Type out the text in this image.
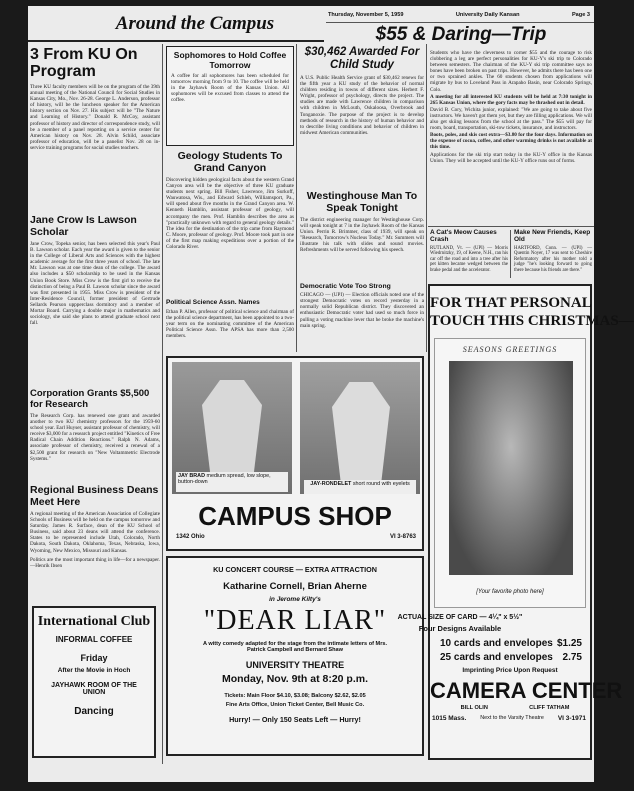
Around the Campus	Thursday, November 5, 1959	University Daily Kansan	Page 3
3 From KU On Program
Three KU faculty members will be on the program of the 39th annual meeting of the National Council for Social Studies in Kansas City, Mo., Nov. 26-28. George L. Anderson, professor of history, will be the luncheon speaker for the American history section on Nov. 27. His subject will be "The Nature and Learning of History." Donald R. McCoy, assistant professor of history and director of correspondence study, will be a member of a panel reporting on a service center for American history on Nov. 28. Alvin Schild, associate professor of education, will be a panelist Nov. 28 on in-service training programs for social studies teachers.
Jane Crow Is Lawson Scholar
Jane Crow, Topeka senior, has been selected this year's Paul B. Lawson scholar. Each year the award is given to the senior in the College of Liberal Arts and Sciences with the highest academic average for the first three years of school. The late Mr. Lawson was at one time dean of the college. The award also includes a $50 scholarship to be used in the Kansas Union Book Store. Miss Crow is the first girl to receive the distinction of being a Paul B. Lawson scholar since the award was first presented in 1955. Miss Crow is president of the Inter-Residence Council, former president of Gertrude Sellards Pearson uppperclass dormitory and a member of Mortar Board. Carrying a double major in mathematics and sociology, she said she plans to attend graduate school next fall.
Corporation Grants $5,500 for Research
The Research Corp. has renewed one grant and awarded another to two KU chemistry professors for the 1959-60 school year. Earl Huyser, assistant professor of chemistry, will receive $3,000 for a research project entitled "Kinetics of Free Radical Chain Addition Reactions." Ralph N. Adams, associate professor of chemistry, received a renewal of a $2,500 grant for research on "New Voltammetric Electrode Systems."
Regional Business Deans Meet Here
A regional meeting of the American Association of Collegiate Schools of Business will be held on the campus tomorrow and Saturday. James R. Surface, dean of the KU School of Business, said about 23 deans will attend the conference. States to be represented include Utah, Colorado, North Dakota, South Dakota, Oklahoma, Texas, Nebraska, Iowa, Wyoming, New Mexico, Missouri and Kansas.
Politics are the most important thing in life—for a newspaper.—Henrik Ibsen
International Club
INFORMAL COFFEE
Friday
After the Movie in Hoch
JAYHAWK ROOM OF THE UNION
Dancing
Sophomores to Hold Coffee Tomorrow
A coffee for all sophomores has been scheduled for tomorrow morning from 9 to 10. The coffee will be held in the Jayhawk Room of the Kansas Union. All sophomores will be excused from classes to attend the coffee.
Geology Students To Grand Canyon
Discovering hidden geological facts about the western Grand Canyon area will be the objective of three KU graduate students next spring. Bill Fisher, Lawrence, Jim Surkoff, Wauwatosa, Wis., and Edward Schleh, Williamsport, Pa., will spend about five months in the Grand Canyon area. W. Kenneth Hamblin, assistant professor of geology, will accompany the men. Prof. Hamblin describes the area as "practically unknown with regard to general geology details." The idea for the destination of the trip came from Raymond C. Moore, professor of geology. Prof. Moore took part in one of the first map making expeditions over a portion of the Colorado River.
Political Science Assn. Names
Ethan P. Allen, professor of political science and chairman of the political science department, has been appointed to a two-year term on the nominating committee of the American Political Science Assn. The APSA has more than 2,500 members.
$30,462 Awarded For Child Study
A U.S. Public Health Service grant of $30,462 renews for the fifth year a KU study of the behavior of normal children residing in towns of different sizes. Herbert F. Wright, professor of psychology, directs the project. The studies are made with Lawrence children in comparison with children in McLouth, Oskaloosa, Overbrook and Tonganoxie. The purpose of the project is to develop methods of research in the history of human behavior and to describe living conditions and behavior of children in midwest American communities.
Westinghouse Man To Speak Tonight
The district engineering manager for Westinghouse Corp. will speak tonight at 7 in the Jayhawk Room of the Kansas Union. Perrin R. Brimmer, class of 1939, will speak on "Research, Tomorrow's Nucleus Today." Mr. Summers will illustrate his talk with slides and sound movies. Refreshments will be served following his speech.
Democratic Vote Too Strong
CHICAGO — (UPI) — Election officials noted one of the strongest Democratic votes on record yesterday in a normally solid Republican district. They discovered an enthusiastic Democratic voter had used so much force in pulling a voting machine lever that he broke the machine's main spring.
JAY BRAD medium spread, low slope, button-down	JAY-RONDELET short round with eyelets
CAMPUS SHOP
1342 Ohio	VI 3-8763
KU CONCERT COURSE — EXTRA ATTRACTION
Katharine Cornell, Brian Aherne
in Jerome Kilty's
"DEAR LIAR"
A witty comedy adapted for the stage from the intimate letters of Mrs. Patrick Campbell and Bernard Shaw
UNIVERSITY THEATRE
Monday, Nov. 9th at 8:20 p.m.
Tickets: Main Floor $4.10, $3.08; Balcony $2.62, $2.05
Fine Arts Office, Union Ticket Center, Bell Music Co.
Hurry! — Only 150 Seats Left — Hurry!
$55 & Daring—Trip
Students who have the cleverness to corner $55 and the courage to risk clobbering a leg are perfect personalities for KU-Y's ski trip to Colorado between semesters. The chairman of the KU-Y ski trip committee says no bones have been broken on past trips. However, he admits there has been one or two sprained ankles. The 60 students chosen from applications will migrate by bus to Loveland Pass in Arapaho Basin, near Colorado Springs, Colo.
A meeting for all interested KU students will be held at 7:30 tonight in 265 Kansas Union, where the gory facts may be thrashed out in detail.
David B. Cory, Wichita junior, explained: "We are going to take about five instructors. We haven't got them yet, but they are filling applications. We will also get skiing lessons from the school at the pass." The $55 will pay for room, board, transportation, ski-tow tickets, insurance, and instructors.
Boots, poles, and skis cost extra—$3.80 for the four days. Information on the expense of cocoa, coffee, and other warming drinks is not available at this time.
Applications for the ski trip start today in the KU-Y office in the Kansas Union. They will be accepted until the KU-Y office runs out of forms.
A Cat's Meow Causes Crash
RUTLAND, Vt. — (UPI) — Morris Wiedrnitzky, 19, of Keene, N.H., ran his car off the road and into a tree after his pet kitten became wedged between the brake pedal and the accelerator.
Make New Friends, Keep Old
HARTFORD, Conn. — (UPI) — Quentin Noyer, 17 was sent to Cheshire Reformatory after his mother told a judge "he's looking forward to going there because his friends are there."
FOR THAT PERSONAL
TOUCH THIS CHRISTMAS—
SEASONS GREETINGS
[Your favorite photo here]
ACTUAL SIZE OF CARD — 4¼" x 5½"
Four Designs Available
10 cards and envelopes $1.25
25 cards and envelopes 2.75
Imprinting Price Upon Request
CAMERA CENTER
BILL OLIN	CLIFF TATHAM
1015 Mass.	Next to the Varsity Theatre VI 3-1971
